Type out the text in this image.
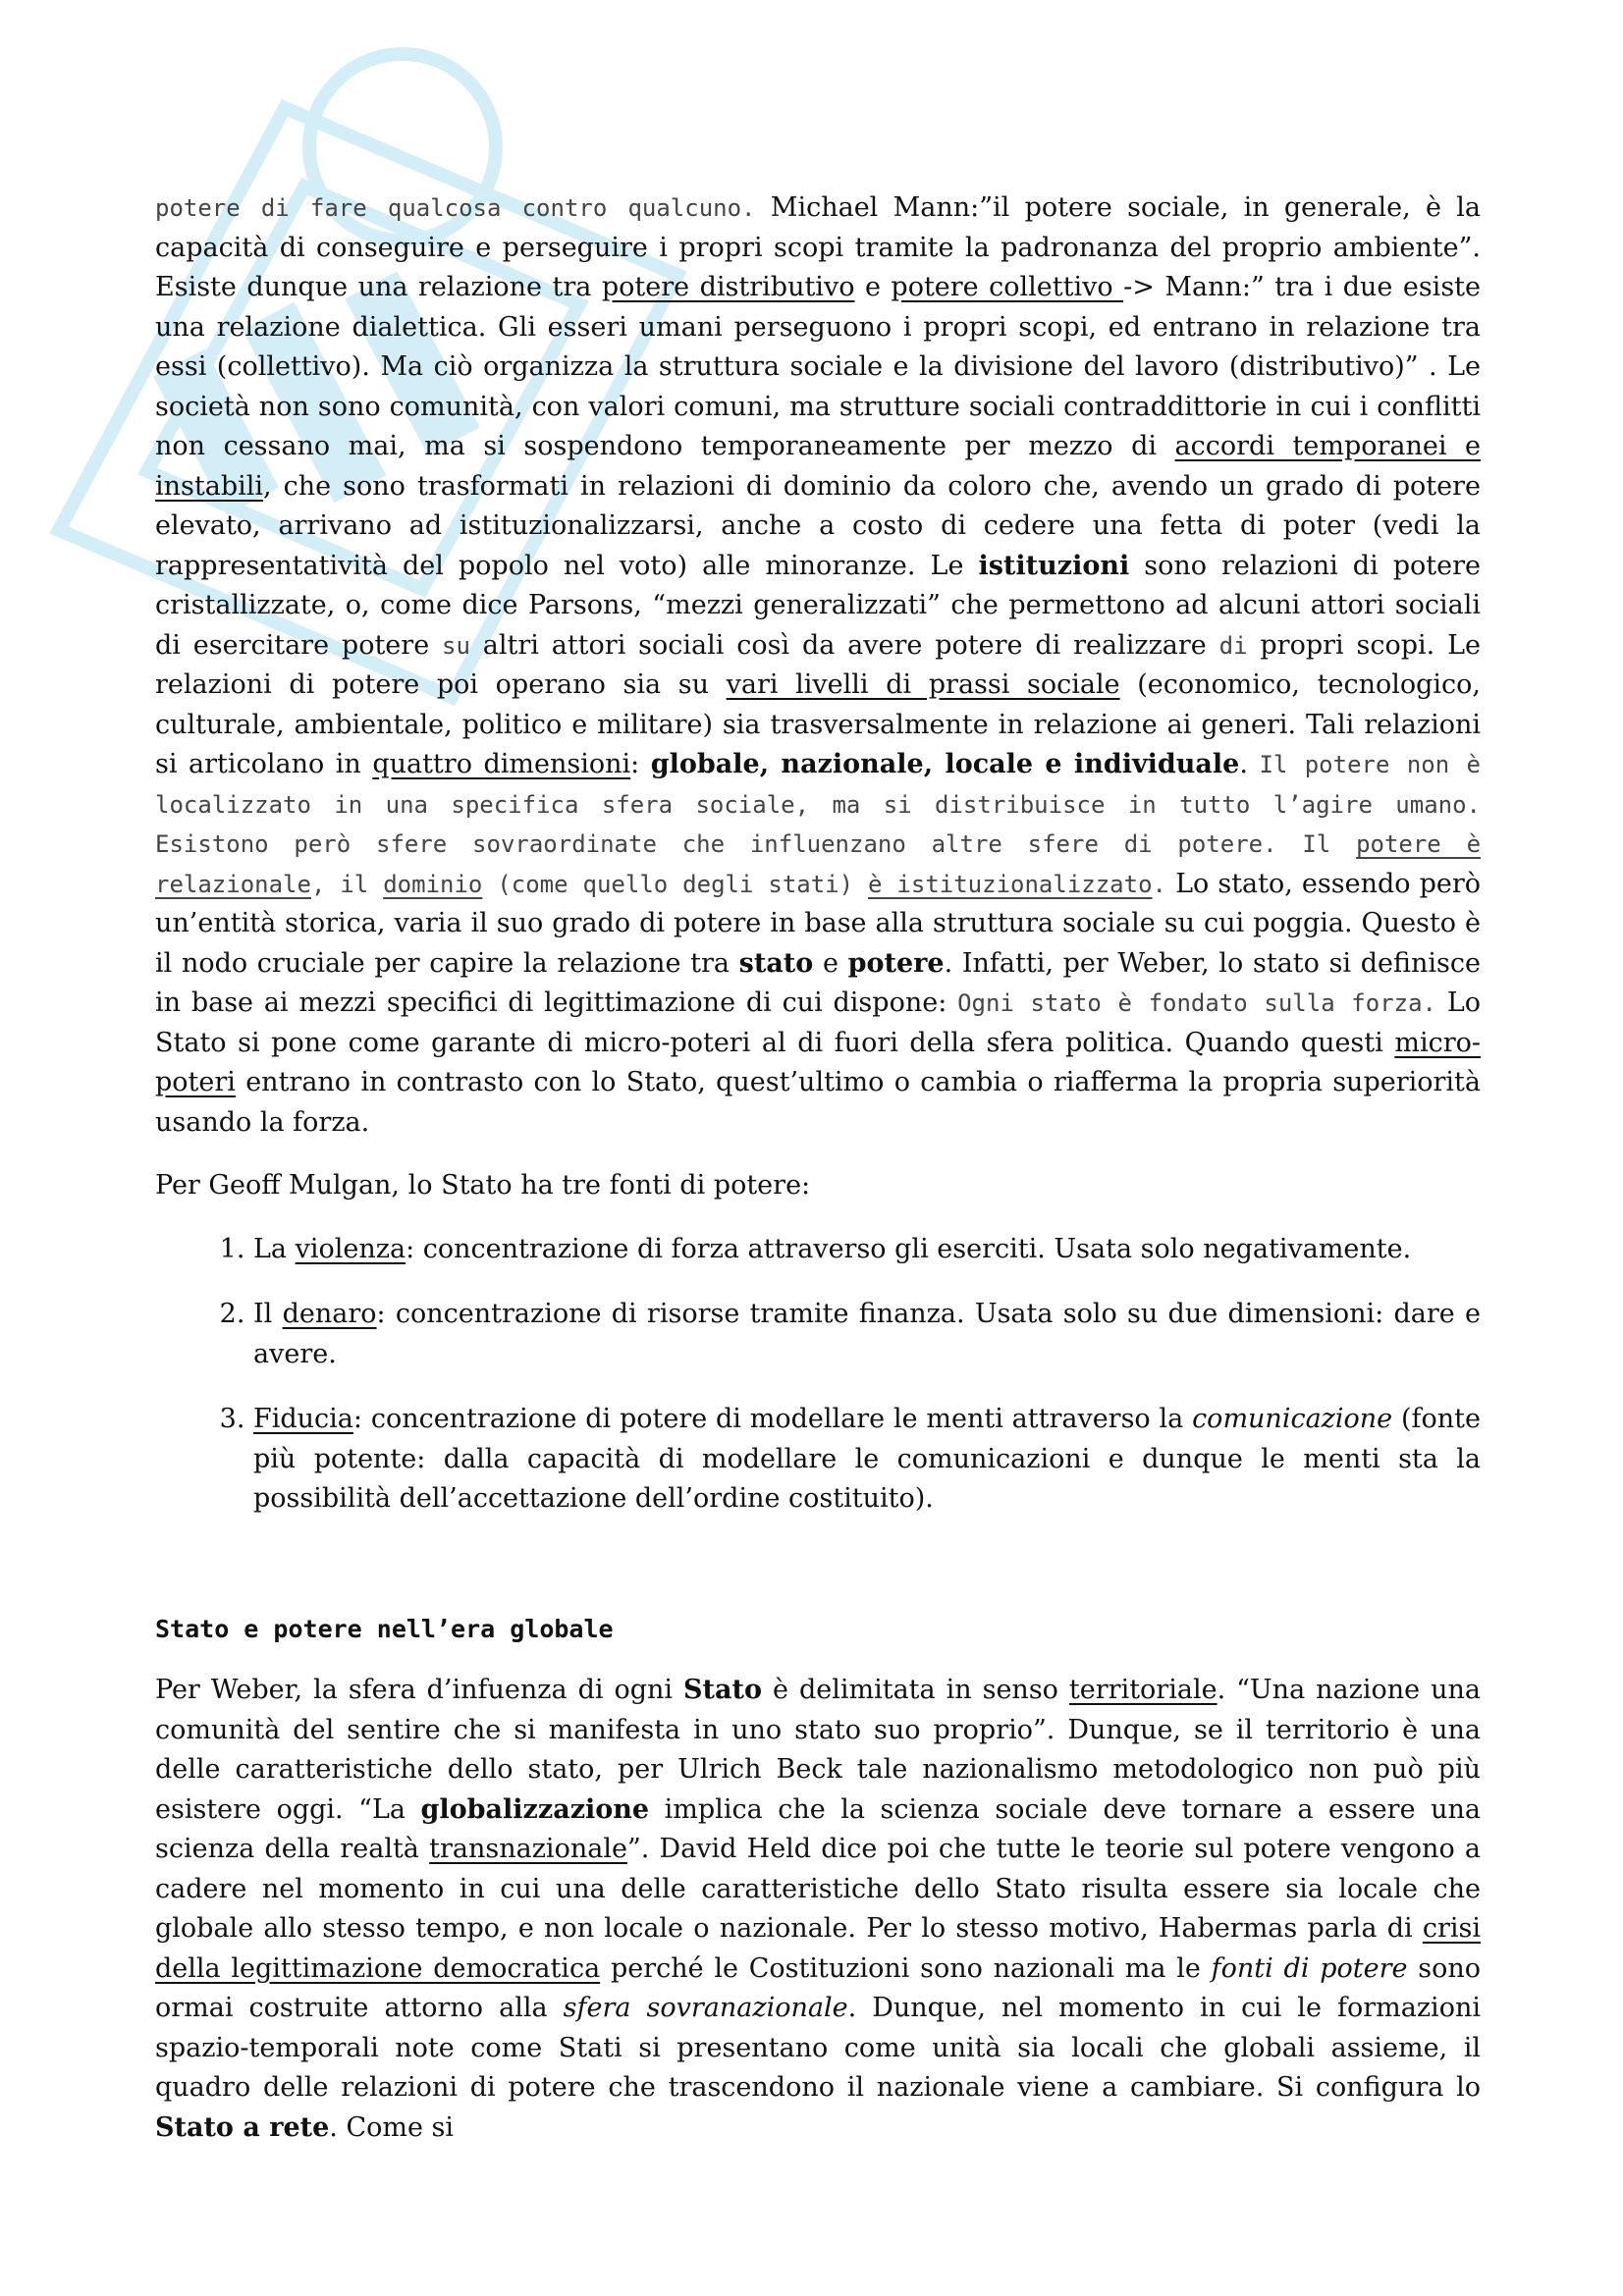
potere di fare qualcosa contro qualcuno. Michael Mann:”il potere sociale, in generale, è la capacità di conseguire e perseguire i propri scopi tramite la padronanza del proprio ambiente”. Esiste dunque una relazione tra potere distributivo e potere collettivo -> Mann:” tra i due esiste una relazione dialettica. Gli esseri umani perseguono i propri scopi, ed entrano in relazione tra essi (collettivo). Ma ciò organizza la struttura sociale e la divisione del lavoro (distributivo)” . Le società non sono comunità, con valori comuni, ma strutture sociali contraddittorie in cui i conflitti non cessano mai, ma si sospendono temporaneamente per mezzo di accordi temporanei e instabili, che sono trasformati in relazioni di dominio da coloro che, avendo un grado di potere elevato, arrivano ad istituzionalizzarsi, anche a costo di cedere una fetta di poter (vedi la rappresentatività del popolo nel voto) alle minoranze. Le istituzioni sono relazioni di potere cristallizzate, o, come dice Parsons, “mezzi generalizzati” che permettono ad alcuni attori sociali di esercitare potere su altri attori sociali così da avere potere di realizzare di propri scopi. Le relazioni di potere poi operano sia su vari livelli di prassi sociale (economico, tecnologico, culturale, ambientale, politico e militare) sia trasversalmente in relazione ai generi. Tali relazioni si articolano in quattro dimensioni: globale, nazionale, locale e individuale. Il potere non è localizzato in una specifica sfera sociale, ma si distribuisce in tutto l’agire umano. Esistono però sfere sovraordinate che influenzano altre sfere di potere. Il potere è relazionale, il dominio (come quello degli stati) è istituzionalizzato. Lo stato, essendo però un’entità storica, varia il suo grado di potere in base alla struttura sociale su cui poggia. Questo è il nodo cruciale per capire la relazione tra stato e potere. Infatti, per Weber, lo stato si definisce in base ai mezzi specifici di legittimazione di cui dispone: Ogni stato è fondato sulla forza. Lo Stato si pone come garante di micro-poteri al di fuori della sfera politica. Quando questi micro-poteri entrano in contrasto con lo Stato, quest’ultimo o cambia o riafferma la propria superiorità usando la forza.

Per Geoff Mulgan, lo Stato ha tre fonti di potere:

1. La violenza: concentrazione di forza attraverso gli eserciti. Usata solo negativamente.
2. Il denaro: concentrazione di risorse tramite finanza. Usata solo su due dimensioni: dare e avere.
3. Fiducia: concentrazione di potere di modellare le menti attraverso la comunicazione (fonte più potente: dalla capacità di modellare le comunicazioni e dunque le menti sta la possibilità dell’accettazione dell’ordine costituito).
Stato e potere nell’era globale

Per Weber, la sfera d’infuenza di ogni Stato è delimitata in senso territoriale. “Una nazione una comunità del sentire che si manifesta in uno stato suo proprio”. Dunque, se il territorio è una delle caratteristiche dello stato, per Ulrich Beck tale nazionalismo metodologico non può più esistere oggi. “La globalizzazione implica che la scienza sociale deve tornare a essere una scienza della realtà transnazionale”. David Held dice poi che tutte le teorie sul potere vengono a cadere nel momento in cui una delle caratteristiche dello Stato risulta essere sia locale che globale allo stesso tempo, e non locale o nazionale. Per lo stesso motivo, Habermas parla di crisi della legittimazione democratica perché le Costituzioni sono nazionali ma le fonti di potere sono ormai costruite attorno alla sfera sovranazionale. Dunque, nel momento in cui le formazioni spazio-temporali note come Stati si presentano come unità sia locali che globali assieme, il quadro delle relazioni di potere che trascendono il nazionale viene a cambiare. Si configura lo Stato a rete. Come si
